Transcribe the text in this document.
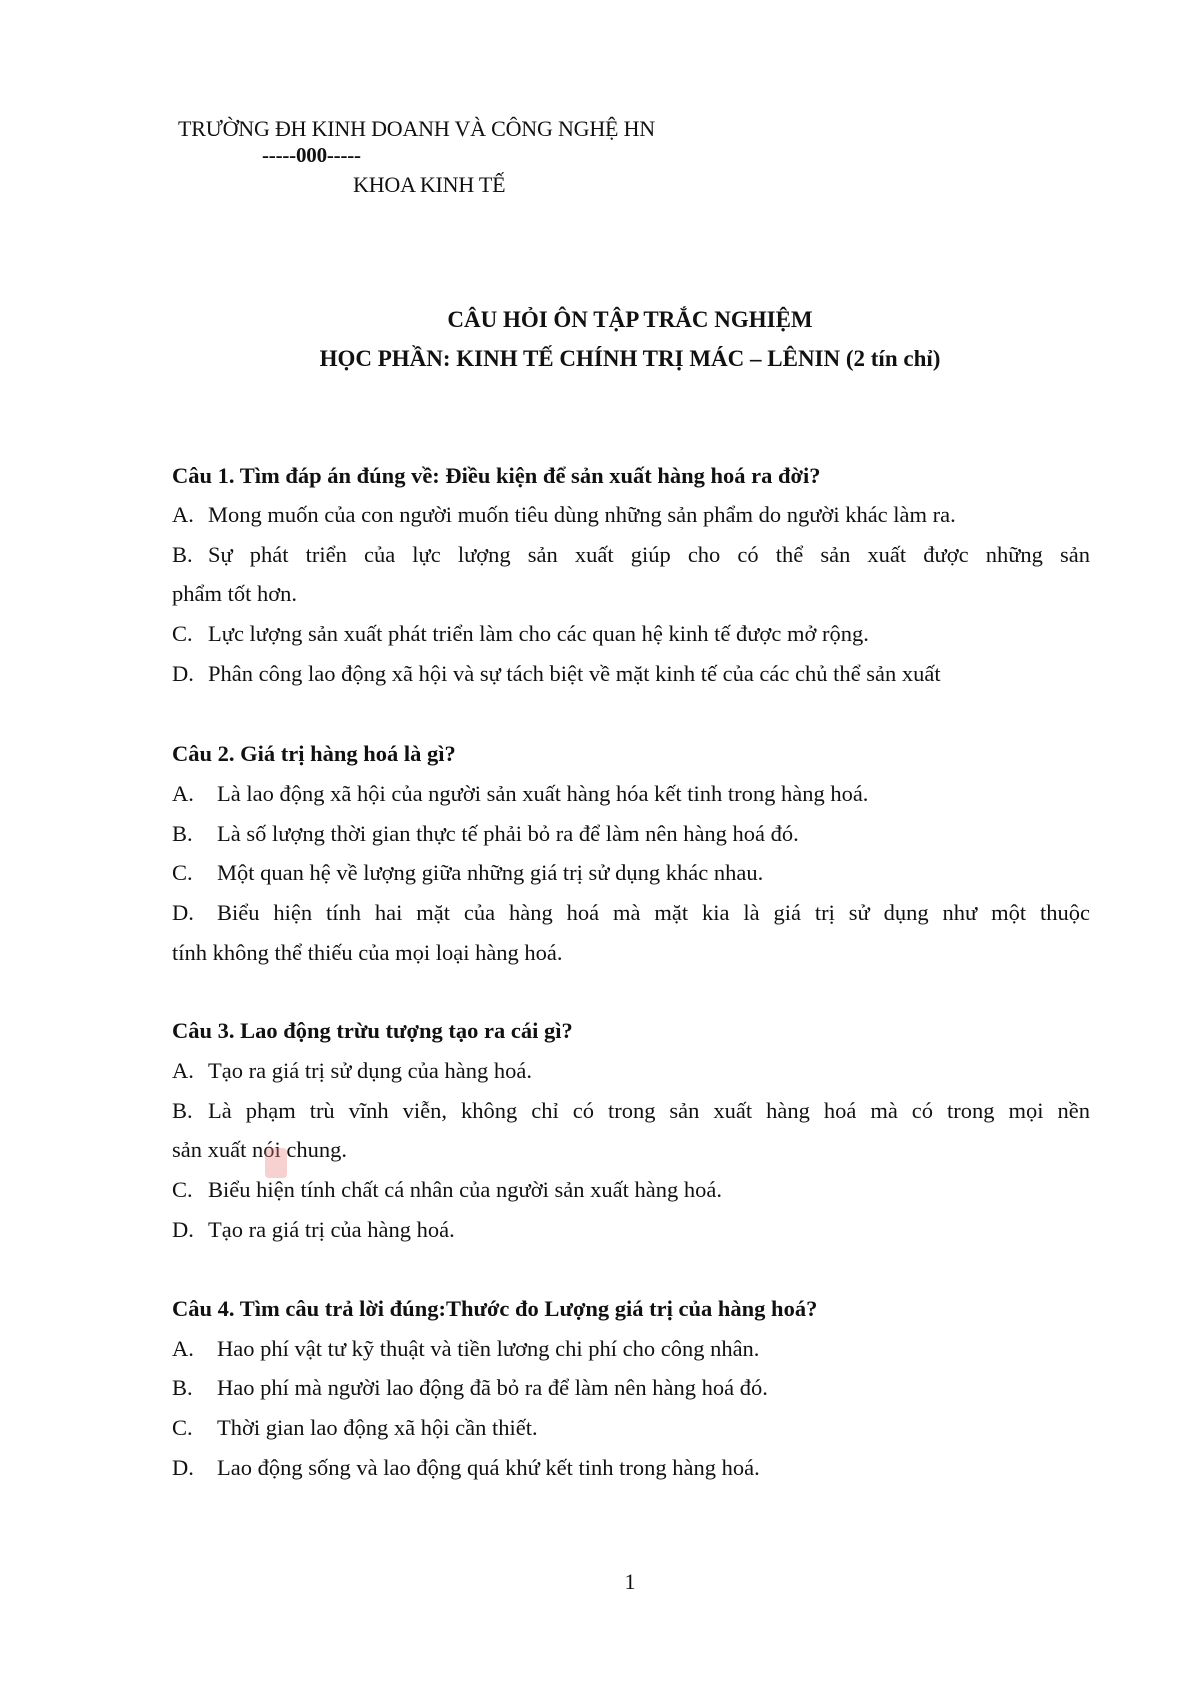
TRƯỜNG ĐH KINH DOANH VÀ CÔNG NGHỆ HN
-----000-----
KHOA KINH TẾ
CÂU HỎI ÔN TẬP TRẮC NGHIỆM
HỌC PHẦN: KINH TẾ CHÍNH TRỊ MÁC – LÊNIN (2 tín chỉ)
Câu 1. Tìm đáp án đúng về: Điều kiện để sản xuất hàng hoá ra đời?
A. Mong muốn của con người muốn tiêu dùng những sản phẩm do người khác làm ra.
B. Sự phát triển của lực lượng sản xuất giúp cho có thể sản xuất được những sản
phẩm tốt hơn.
C. Lực lượng sản xuất phát triển làm cho các quan hệ kinh tế được mở rộng.
D. Phân công lao động xã hội và sự tách biệt về mặt kinh tế của các chủ thể sản xuất
Câu 2. Giá trị hàng hoá là gì?
A. Là lao động xã hội của người sản xuất hàng hóa kết tinh trong hàng hoá.
B. Là số lượng thời gian thực tế phải bỏ ra để làm nên hàng hoá đó.
C. Một quan hệ về lượng giữa những giá trị sử dụng khác nhau.
D. Biểu hiện tính hai mặt của hàng hoá mà mặt kia là giá trị sử dụng như một thuộc
tính không thể thiếu của mọi loại hàng hoá.
Câu 3. Lao động trừu tượng tạo ra cái gì?
A. Tạo ra giá trị sử dụng của hàng hoá.
B. Là phạm trù vĩnh viễn, không chỉ có trong sản xuất hàng hoá mà có trong mọi nền
sản xuất nói chung.
C. Biểu hiện tính chất cá nhân của người sản xuất hàng hoá.
D. Tạo ra giá trị của hàng hoá.
Câu 4. Tìm câu trả lời đúng:Thước đo Lượng giá trị của hàng hoá?
A. Hao phí vật tư kỹ thuật và tiền lương chi phí cho công nhân.
B. Hao phí mà người lao động đã bỏ ra để làm nên hàng hoá đó.
C. Thời gian lao động xã hội cần thiết.
D. Lao động sống và lao động quá khứ kết tinh trong hàng hoá.
1
